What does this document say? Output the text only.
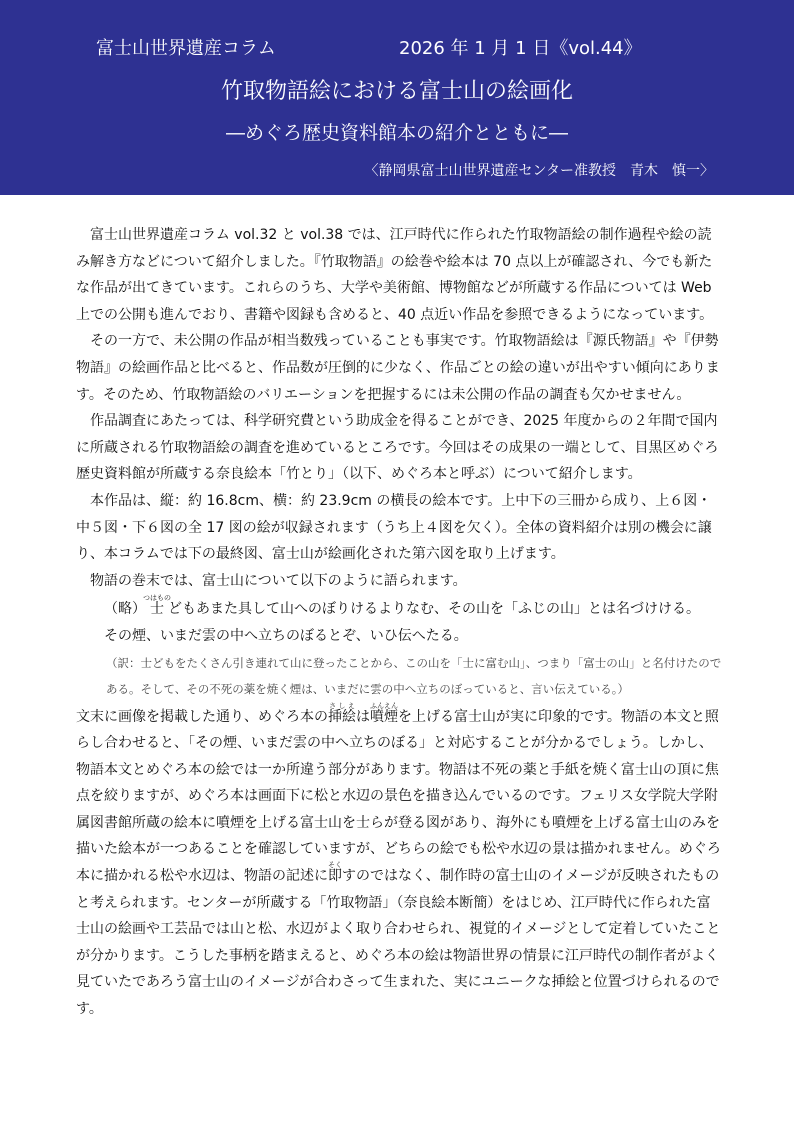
富士山世界遺産コラム	2026 年 1 月 1 日《vol.44》
竹取物語絵における富士山の絵画化
―めぐろ歴史資料館本の紹介とともに―
〈静岡県富士山世界遺産センター准教授　青木　慎一〉

富士山世界遺産コラム vol.32 と vol.38 では、江戸時代に作られた竹取物語絵の制作過程や絵の読み解き方などについて紹介しました。『竹取物語』の絵巻や絵本は 70 点以上が確認され、今でも新たな作品が出てきています。これらのうち、大学や美術館、博物館などが所蔵する作品については Web 上での公開も進んでおり、書籍や図録も含めると、40 点近い作品を参照できるようになっています。

その一方で、未公開の作品が相当数残っていることも事実です。竹取物語絵は『源氏物語』や『伊勢物語』の絵画作品と比べると、作品数が圧倒的に少なく、作品ごとの絵の違いが出やすい傾向にあります。そのため、竹取物語絵のバリエーションを把握するには未公開の作品の調査も欠かせません。

作品調査にあたっては、科学研究費という助成金を得ることができ、2025 年度からの２年間で国内に所蔵される竹取物語絵の調査を進めているところです。今回はその成果の一端として、目黒区めぐろ歴史資料館が所蔵する奈良絵本「竹とり」（以下、めぐろ本と呼ぶ）について紹介します。

本作品は、縦：約 16.8cm、横：約 23.9cm の横長の絵本です。上中下の三冊から成り、上６図・中５図・下６図の全 17 図の絵が収録されます（うち上４図を欠く）。全体の資料紹介は別の機会に譲り、本コラムでは下の最終図、富士山が絵画化された第六図を取り上げます。

物語の巻末では、富士山について以下のように語られます。

（略）士つはものどもあまた具して山へのぼりけるよりなむ、その山を「ふじの山」とは名づけける。

その煙、いまだ雲の中へ立ちのぼるとぞ、いひ伝へたる。

（訳：士どもをたくさん引き連れて山に登ったことから、この山を「士に富む山」、つまり「富士の山」と名付けたのである。そして、その不死の薬を焼く煙は、いまだに雲の中へ立ちのぼっていると、言い伝えている。）

文末に画像を掲載した通り、めぐろ本の挿絵さしえは噴煙ふんえんを上げる富士山が実に印象的です。物語の本文と照らし合わせると、「その煙、いまだ雲の中へ立ちのぼる」と対応することが分かるでしょう。しかし、物語本文とめぐろ本の絵では一か所違う部分があります。物語は不死の薬と手紙を焼く富士山の頂に焦点を絞りますが、めぐろ本は画面下に松と水辺の景色を描き込んでいるのです。フェリス女学院大学附属図書館所蔵の絵本に噴煙を上げる富士山を士らが登る図があり、海外にも噴煙を上げる富士山のみを描いた絵本が一つあることを確認していますが、どちらの絵でも松や水辺の景は描かれません。めぐろ本に描かれる松や水辺は、物語の記述に即そくすのではなく、制作時の富士山のイメージが反映されたものと考えられます。センターが所蔵する「竹取物語」（奈良絵本断簡）をはじめ、江戸時代に作られた富士山の絵画や工芸品では山と松、水辺がよく取り合わせられ、視覚的イメージとして定着していたことが分かります。こうした事柄を踏まえると、めぐろ本の絵は物語世界の情景に江戸時代の制作者がよく見ていたであろう富士山のイメージが合わさって生まれた、実にユニークな挿絵と位置づけられるのです。
